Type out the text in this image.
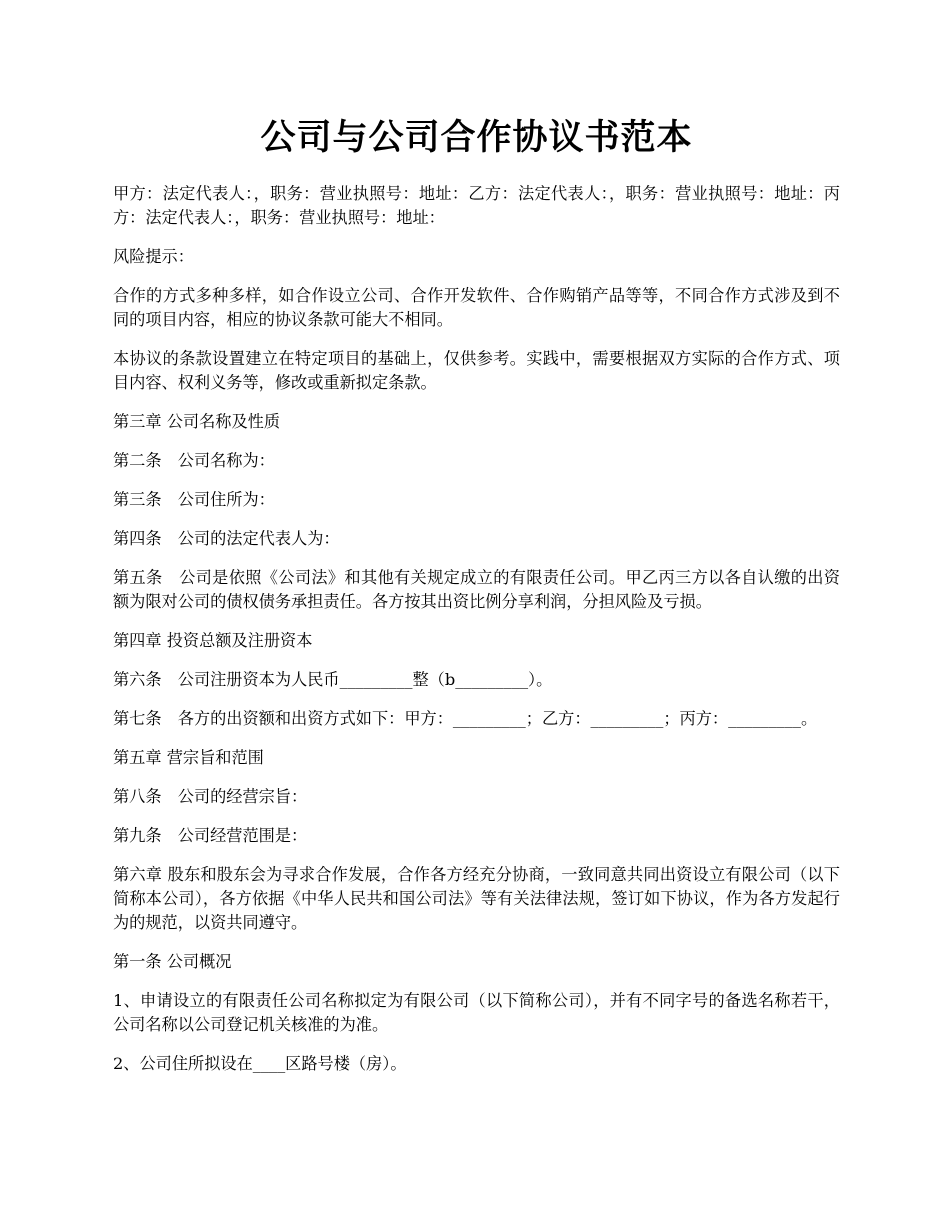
公司与公司合作协议书范本

甲方：法定代表人：，职务：营业执照号：地址：乙方：法定代表人：，职务：营业执照号：地址：丙方：法定代表人：，职务：营业执照号：地址：

风险提示：

合作的方式多种多样，如合作设立公司、合作开发软件、合作购销产品等等，不同合作方式涉及到不同的项目内容，相应的协议条款可能大不相同。

本协议的条款设置建立在特定项目的基础上，仅供参考。实践中，需要根据双方实际的合作方式、项目内容、权利义务等，修改或重新拟定条款。

第三章 公司名称及性质

第二条　公司名称为：

第三条　公司住所为：

第四条　公司的法定代表人为：

第五条　公司是依照《公司法》和其他有关规定成立的有限责任公司。甲乙丙三方以各自认缴的出资额为限对公司的债权债务承担责任。各方按其出资比例分享利润，分担风险及亏损。

第四章 投资总额及注册资本

第六条　公司注册资本为人民币_________整（b_________）。

第七条　各方的出资额和出资方式如下：甲方：_________；乙方：_________；丙方：_________。

第五章 营宗旨和范围

第八条　公司的经营宗旨：

第九条　公司经营范围是：

第六章 股东和股东会为寻求合作发展，合作各方经充分协商，一致同意共同出资设立有限公司（以下简称本公司），各方依据《中华人民共和国公司法》等有关法律法规，签订如下协议，作为各方发起行为的规范，以资共同遵守。

第一条 公司概况

1、申请设立的有限责任公司名称拟定为有限公司（以下简称公司），并有不同字号的备选名称若干，公司名称以公司登记机关核准的为准。

2、公司住所拟设在____区路号楼（房）。
